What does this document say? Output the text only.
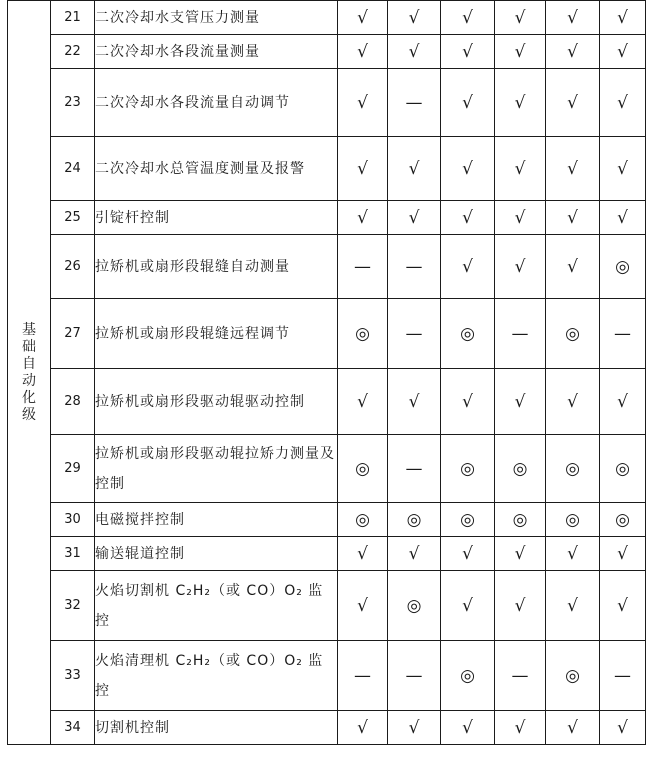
基础自动化级	21	二次冷却水支管压力测量	√	√	√	√	√	√
	22	二次冷却水各段流量测量	√	√	√	√	√	√
	23	二次冷却水各段流量自动调节	√	—	√	√	√	√
	24	二次冷却水总管温度测量及报警	√	√	√	√	√	√
	25	引锭杆控制	√	√	√	√	√	√
	26	拉矫机或扇形段辊缝自动测量	—	—	√	√	√	◎
	27	拉矫机或扇形段辊缝远程调节	◎	—	◎	—	◎	—
	28	拉矫机或扇形段驱动辊驱动控制	√	√	√	√	√	√
	29	拉矫机或扇形段驱动辊拉矫力测量及控制	◎	—	◎	◎	◎	◎
	30	电磁搅拌控制	◎	◎	◎	◎	◎	◎
	31	输送辊道控制	√	√	√	√	√	√
	32	火焰切割机 C₂H₂（或 CO）O₂ 监控	√	◎	√	√	√	√
	33	火焰清理机 C₂H₂（或 CO）O₂ 监控	—	—	◎	—	◎	—
	34	切割机控制	√	√	√	√	√	√
